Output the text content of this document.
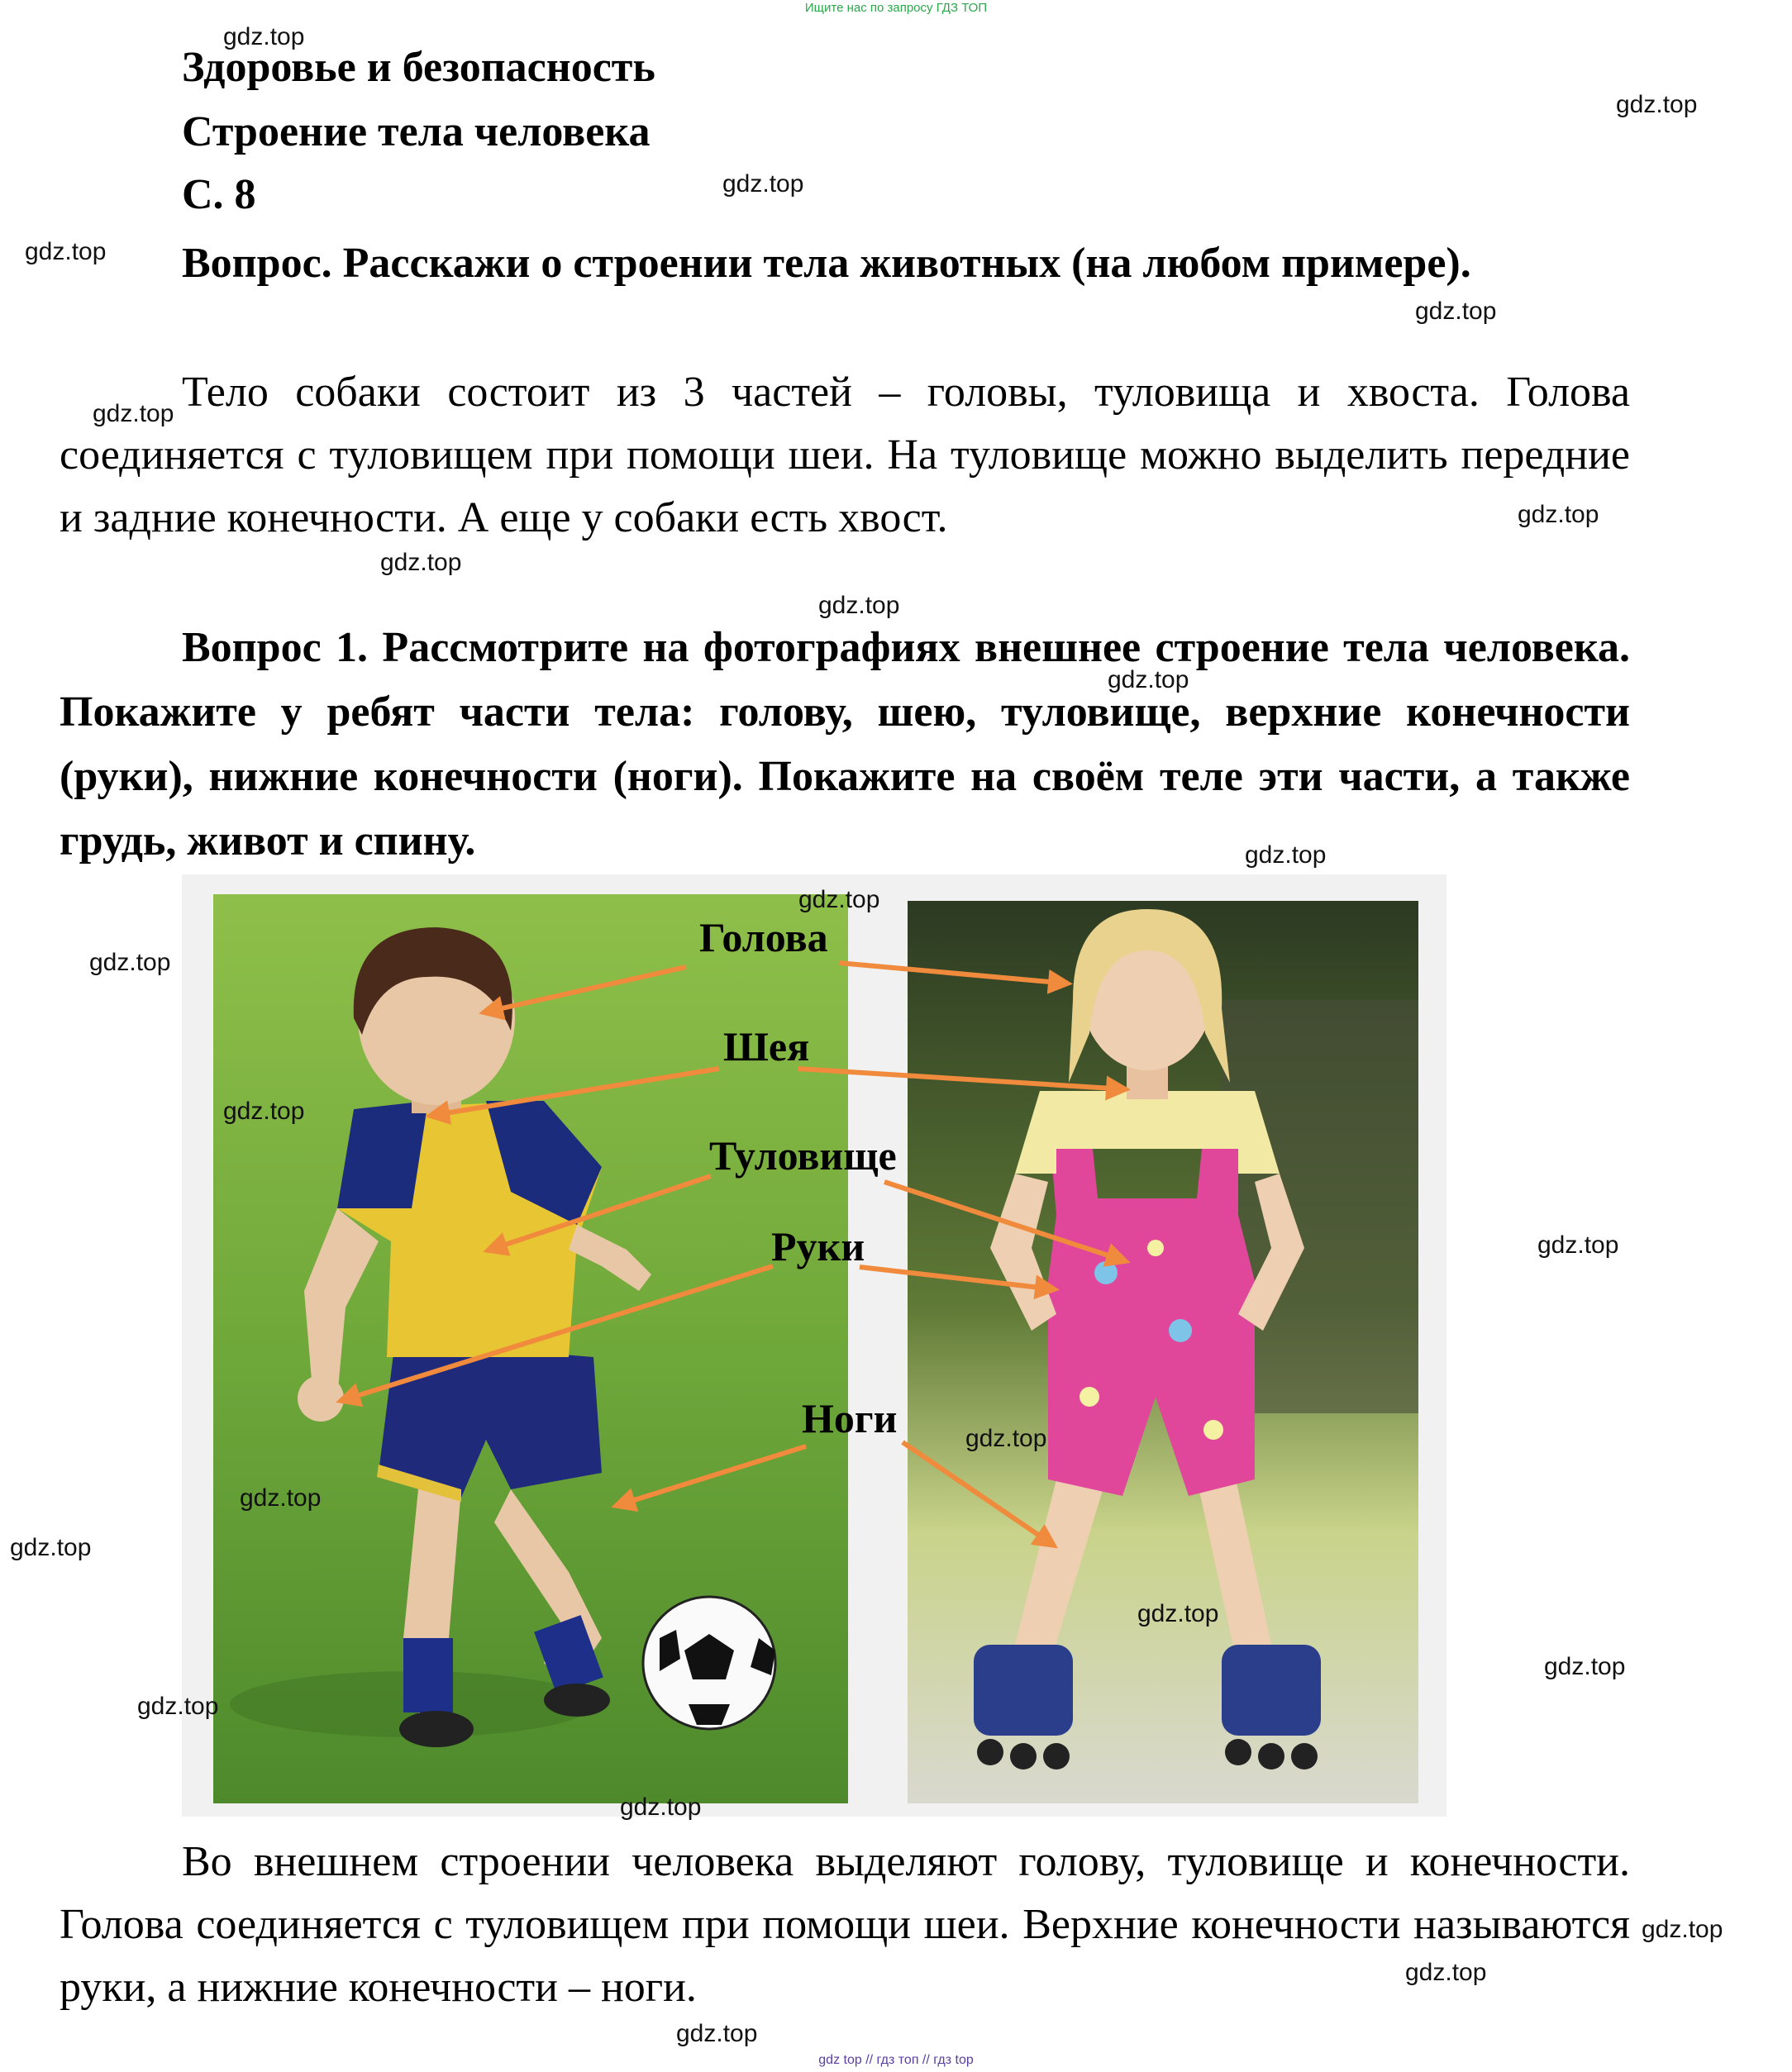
Ищите нас по запросу ГДЗ ТОП

Здоровье и безопасность

Строение тела человека

С. 8

Вопрос. Расскажи о строении тела животных (на любом примере).

Тело собаки состоит из 3 частей – головы, туловища и хвоста. Голова соединяется с туловищем при помощи шеи. На туловище можно выделить передние и задние конечности. А еще у собаки есть хвост.

Вопрос 1. Рассмотрите на фотографиях внешнее строение тела человека. Покажите у ребят части тела: голову, шею, туловище, верхние конечности (руки), нижние конечности (ноги). Покажите на своём теле эти части, а также грудь, живот и спину.

Голова
Шея
Туловище
Руки
Ноги

Во внешнем строении человека выделяют голову, туловище и конечности. Голова соединяется с туловищем при помощи шеи. Верхние конечности называются руки, а нижние конечности – ноги.

gdz.top
gdz.top
gdz.top
gdz.top
gdz.top
gdz.top
gdz.top
gdz.top
gdz.top
gdz.top
gdz.top
gdz.top
gdz.top
gdz.top
gdz.top
gdz.top
gdz.top
gdz.top
gdz.top
gdz.top
gdz.top
gdz.top
gdz.top
gdz.top
gdz.top
gdz top // гдз топ // гдз top
